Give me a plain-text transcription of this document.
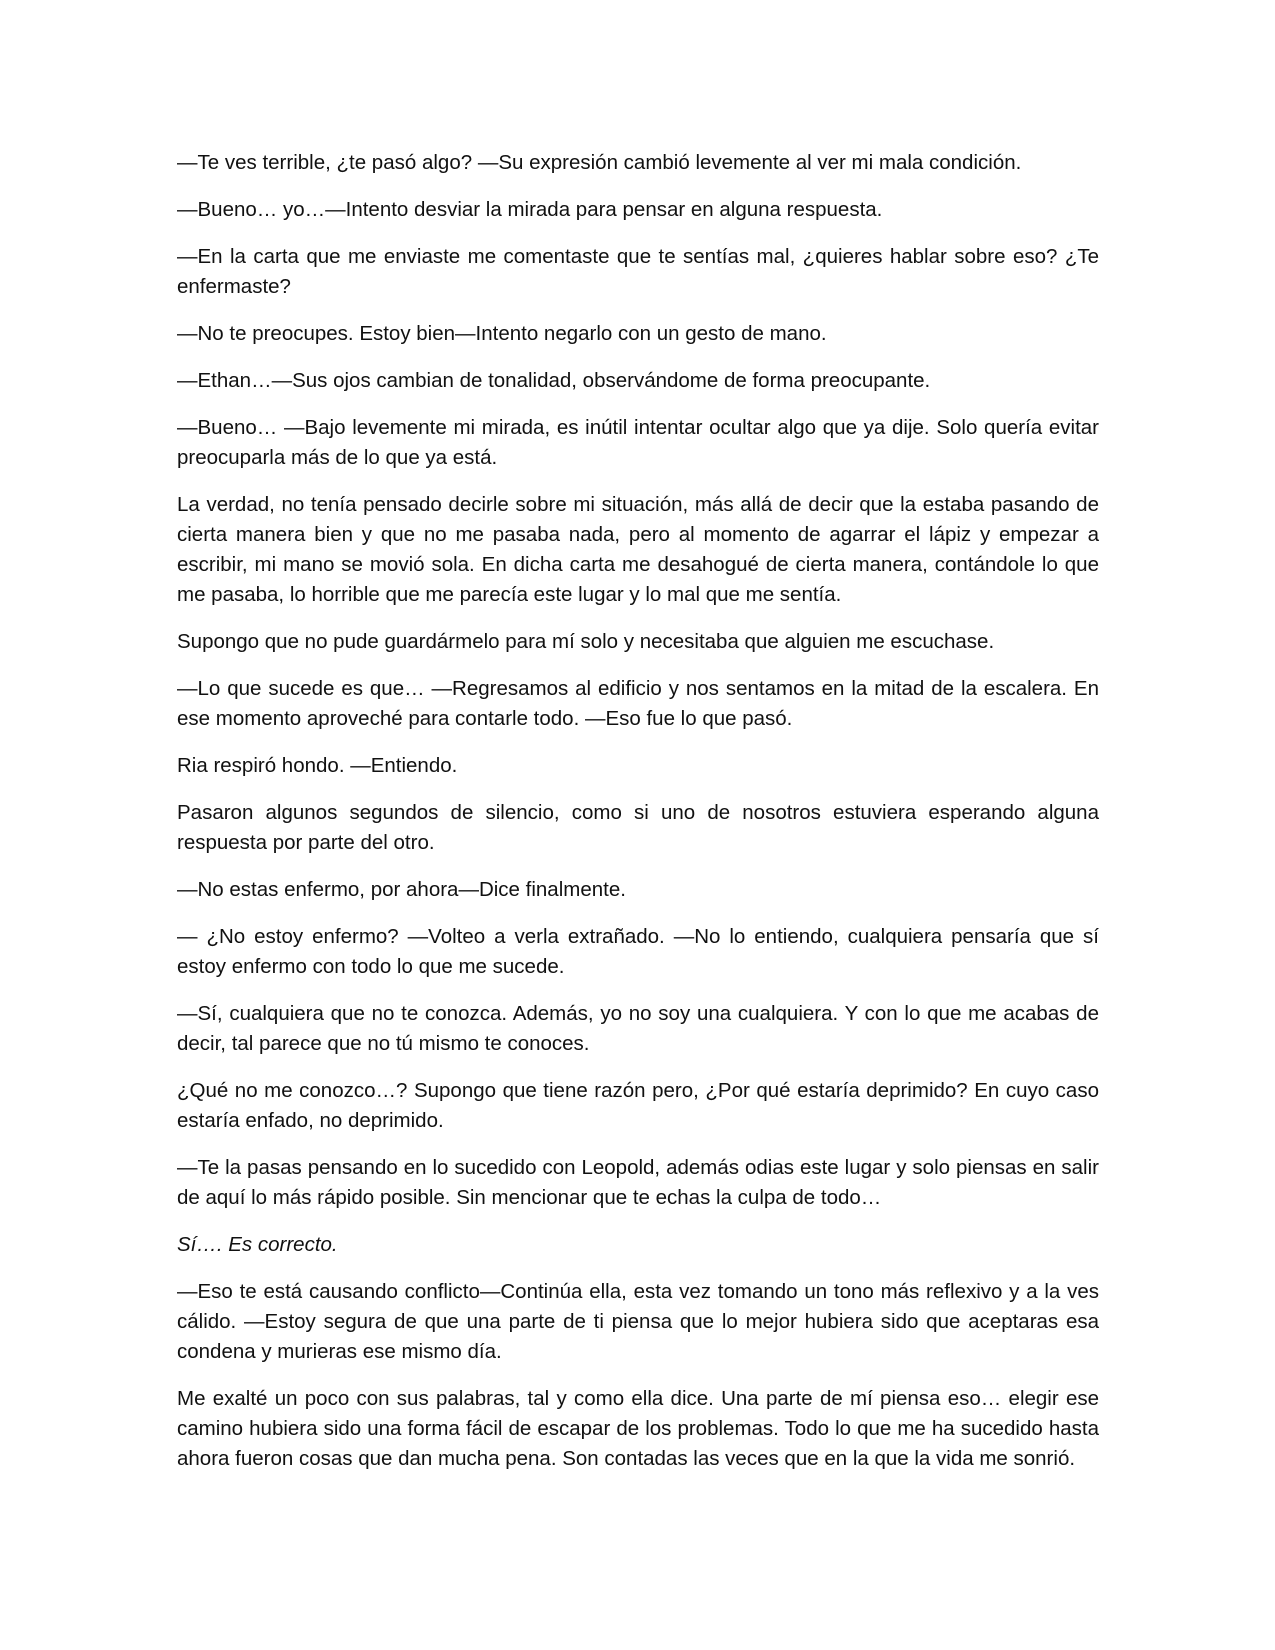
—Te ves terrible, ¿te pasó algo? —Su expresión cambió levemente al ver mi mala condición.

—Bueno… yo…—Intento desviar la mirada para pensar en alguna respuesta.

—En la carta que me enviaste me comentaste que te sentías mal, ¿quieres hablar sobre eso? ¿Te enfermaste?

—No te preocupes. Estoy bien—Intento negarlo con un gesto de mano.

—Ethan…—Sus ojos cambian de tonalidad, observándome de forma preocupante.

—Bueno… —Bajo levemente mi mirada, es inútil intentar ocultar algo que ya dije. Solo quería evitar preocuparla más de lo que ya está.

La verdad, no tenía pensado decirle sobre mi situación, más allá de decir que la estaba pasando de cierta manera bien y que no me pasaba nada, pero al momento de agarrar el lápiz y empezar a escribir, mi mano se movió sola. En dicha carta me desahogué de cierta manera, contándole lo que me pasaba, lo horrible que me parecía este lugar y lo mal que me sentía.

Supongo que no pude guardármelo para mí solo y necesitaba que alguien me escuchase.

—Lo que sucede es que… —Regresamos al edificio y nos sentamos en la mitad de la escalera. En ese momento aproveché para contarle todo. —Eso fue lo que pasó.

Ria respiró hondo. —Entiendo.

Pasaron algunos segundos de silencio, como si uno de nosotros estuviera esperando alguna respuesta por parte del otro.

—No estas enfermo, por ahora—Dice finalmente.

— ¿No estoy enfermo? —Volteo a verla extrañado. —No lo entiendo, cualquiera pensaría que sí estoy enfermo con todo lo que me sucede.

—Sí, cualquiera que no te conozca. Además, yo no soy una cualquiera. Y con lo que me acabas de decir, tal parece que no tú mismo te conoces.

¿Qué no me conozco…? Supongo que tiene razón pero, ¿Por qué estaría deprimido? En cuyo caso estaría enfado, no deprimido.

—Te la pasas pensando en lo sucedido con Leopold, además odias este lugar y solo piensas en salir de aquí lo más rápido posible. Sin mencionar que te echas la culpa de todo…

Sí…. Es correcto.

—Eso te está causando conflicto—Continúa ella, esta vez tomando un tono más reflexivo y a la ves cálido. —Estoy segura de que una parte de ti piensa que lo mejor hubiera sido que aceptaras esa condena y murieras ese mismo día.

Me exalté un poco con sus palabras, tal y como ella dice. Una parte de mí piensa eso… elegir ese camino hubiera sido una forma fácil de escapar de los problemas. Todo lo que me ha sucedido hasta ahora fueron cosas que dan mucha pena. Son contadas las veces que en la que la vida me sonrió.
